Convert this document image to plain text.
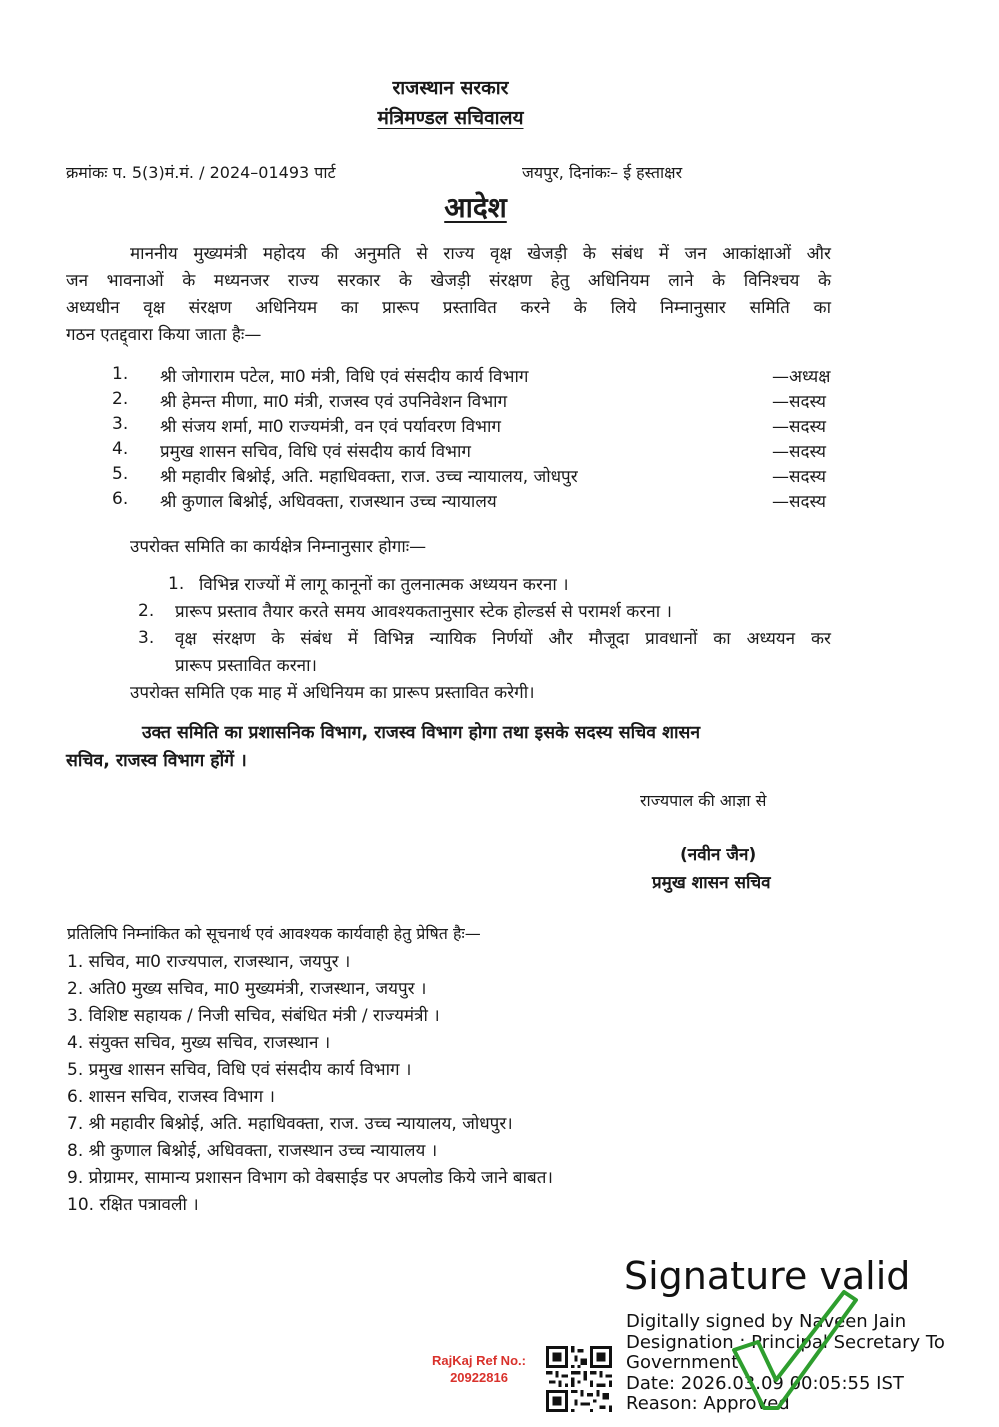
राजस्थान सरकार
मंत्रिमण्डल सचिवालय
क्रमांकः प. 5(3)मं.मं. / 2024–01493 पार्ट	जयपुर, दिनांकः– ई हस्ताक्षर
आदेश
माननीय मुख्यमंत्री महोदय की अनुमति से राज्य वृक्ष खेजड़ी के संबंध में जन आकांक्षाओं और
जन भावनाओं के मध्यनजर राज्य सरकार के खेजड़ी संरक्षण हेतु अधिनियम लाने के विनिश्चय के
अध्यधीन वृक्ष संरक्षण अधिनियम का प्रारूप प्रस्तावित करने के लिये निम्नानुसार समिति का
गठन एतद्द्वारा किया जाता हैः—
1. श्री जोगाराम पटेल, मा0 मंत्री, विधि एवं संसदीय कार्य विभाग	—अध्यक्ष
2. श्री हेमन्त मीणा, मा0 मंत्री, राजस्व एवं उपनिवेशन विभाग	—सदस्य
3. श्री संजय शर्मा, मा0 राज्यमंत्री, वन एवं पर्यावरण विभाग	—सदस्य
4. प्रमुख शासन सचिव, विधि एवं संसदीय कार्य विभाग	—सदस्य
5. श्री महावीर बिश्नोई, अति. महाधिवक्ता, राज. उच्च न्यायालय, जोधपुर	—सदस्य
6. श्री कुणाल बिश्नोई, अधिवक्ता, राजस्थान उच्च न्यायालय	—सदस्य
उपरोक्त समिति का कार्यक्षेत्र निम्नानुसार होगाः—
1. विभिन्न राज्यों में लागू कानूनों का तुलनात्मक अध्ययन करना ।
2. प्रारूप प्रस्ताव तैयार करते समय आवश्यकतानुसार स्टेक होल्डर्स से परामर्श करना ।
3. वृक्ष संरक्षण के संबंध में विभिन्न न्यायिक निर्णयों और मौजूदा प्रावधानों का अध्ययन कर
प्रारूप प्रस्तावित करना।
उपरोक्त समिति एक माह में अधिनियम का प्रारूप प्रस्तावित करेगी।
उक्त समिति का प्रशासनिक विभाग, राजस्व विभाग होगा तथा इसके सदस्य सचिव शासन
सचिव, राजस्व विभाग होंगें ।
राज्यपाल की आज्ञा से
(नवीन जैन)
प्रमुख शासन सचिव
प्रतिलिपि निम्नांकित को सूचनार्थ एवं आवश्यक कार्यवाही हेतु प्रेषित हैः—
1. सचिव, मा0 राज्यपाल, राजस्थान, जयपुर ।
2. अति0 मुख्य सचिव, मा0 मुख्यमंत्री, राजस्थान, जयपुर ।
3. विशिष्ट सहायक / निजी सचिव, संबंधित मंत्री / राज्यमंत्री ।
4. संयुक्त सचिव, मुख्य सचिव, राजस्थान ।
5. प्रमुख शासन सचिव, विधि एवं संसदीय कार्य विभाग ।
6. शासन सचिव, राजस्व विभाग ।
7. श्री महावीर बिश्नोई, अति. महाधिवक्ता, राज. उच्च न्यायालय, जोधपुर।
8. श्री कुणाल बिश्नोई, अधिवक्ता, राजस्थान उच्च न्यायालय ।
9. प्रोग्रामर, सामान्य प्रशासन विभाग को वेबसाईड पर अपलोड किये जाने बाबत।
10. रक्षित पत्रावली ।
RajKaj Ref No.:
20922816
Signature valid
Digitally signed by Naveen Jain
Designation : Principal Secretary To
Government
Date: 2026.03.09 00:05:55 IST
Reason: Approved
